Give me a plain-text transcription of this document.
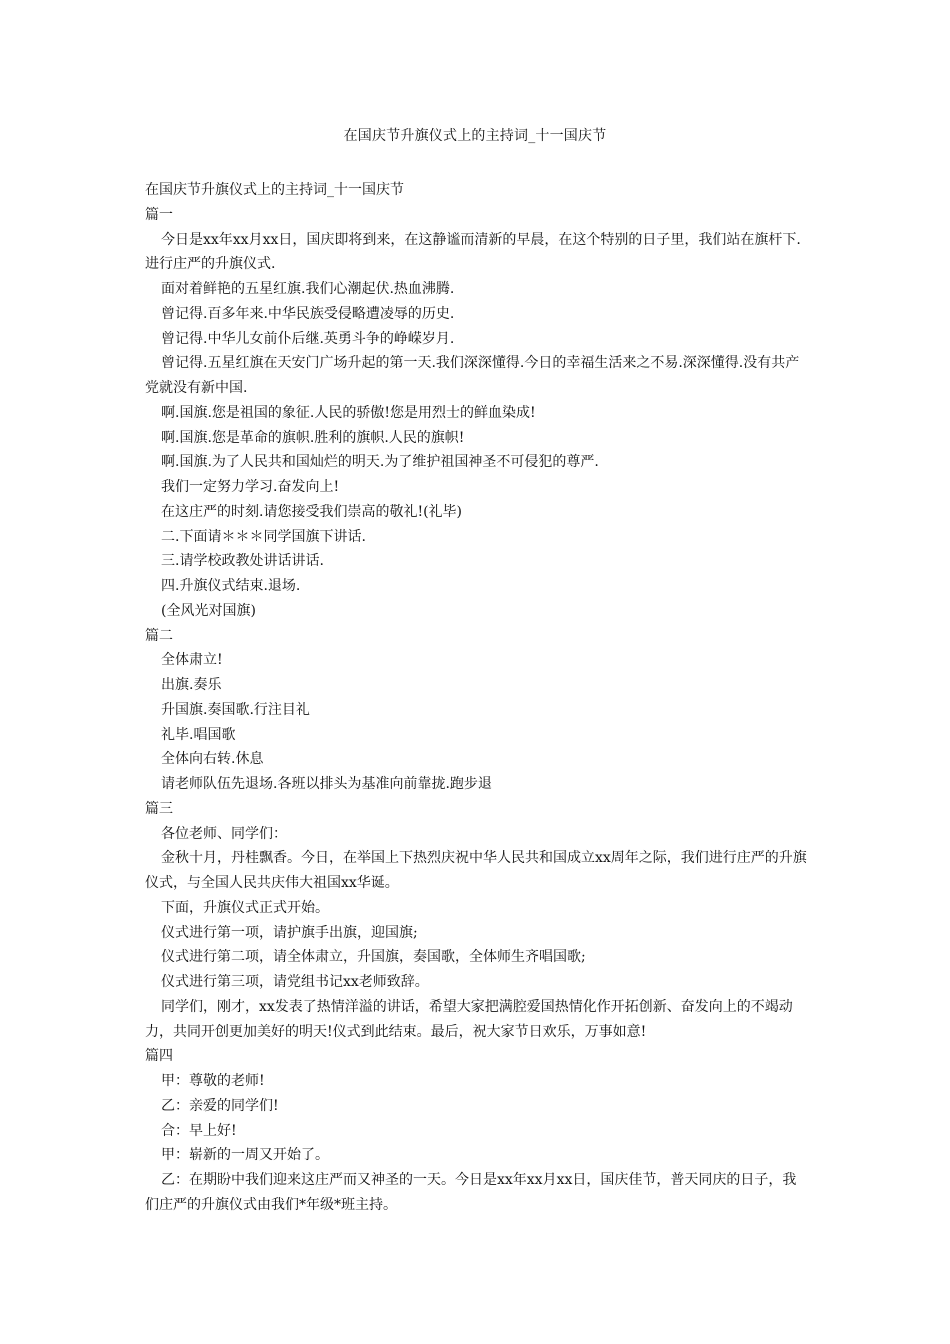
在国庆节升旗仪式上的主持词_十一国庆节

在国庆节升旗仪式上的主持词_十一国庆节

篇一

今日是xx年xx月xx日，国庆即将到来，在这静谧而清新的早晨，在这个特别的日子里，我们站在旗杆下.进行庄严的升旗仪式.

面对着鲜艳的五星红旗.我们心潮起伏.热血沸腾.

曾记得.百多年来.中华民族受侵略遭凌辱的历史.

曾记得.中华儿女前仆后继.英勇斗争的峥嵘岁月.

曾记得.五星红旗在天安门广场升起的第一天.我们深深懂得.今日的幸福生活来之不易.深深懂得.没有共产党就没有新中国.

啊.国旗.您是祖国的象征.人民的骄傲!您是用烈士的鲜血染成!

啊.国旗.您是革命的旗帜.胜利的旗帜.人民的旗帜!

啊.国旗.为了人民共和国灿烂的明天.为了维护祖国神圣不可侵犯的尊严.

我们一定努力学习.奋发向上!

在这庄严的时刻.请您接受我们崇高的敬礼!(礼毕)

二.下面请＊＊＊同学国旗下讲话.

三.请学校政教处讲话讲话.

四.升旗仪式结束.退场.

(全风光对国旗)

篇二

全体肃立!

出旗.奏乐

升国旗.奏国歌.行注目礼

礼毕.唱国歌

全体向右转.休息

请老师队伍先退场.各班以排头为基准向前靠拢.跑步退

篇三

各位老师、同学们：

金秋十月，丹桂飘香。今日，在举国上下热烈庆祝中华人民共和国成立xx周年之际，我们进行庄严的升旗仪式，与全国人民共庆伟大祖国xx华诞。

下面，升旗仪式正式开始。

仪式进行第一项，请护旗手出旗，迎国旗;

仪式进行第二项，请全体肃立，升国旗，奏国歌，全体师生齐唱国歌;

仪式进行第三项，请党组书记xx老师致辞。

同学们，刚才，xx发表了热情洋溢的讲话，希望大家把满腔爱国热情化作开拓创新、奋发向上的不竭动力，共同开创更加美好的明天!仪式到此结束。最后，祝大家节日欢乐，万事如意!

篇四

甲：尊敬的老师!

乙：亲爱的同学们!

合：早上好!

甲：崭新的一周又开始了。

乙：在期盼中我们迎来这庄严而又神圣的一天。今日是xx年xx月xx日，国庆佳节，普天同庆的日子，我们庄严的升旗仪式由我们*年级*班主持。
